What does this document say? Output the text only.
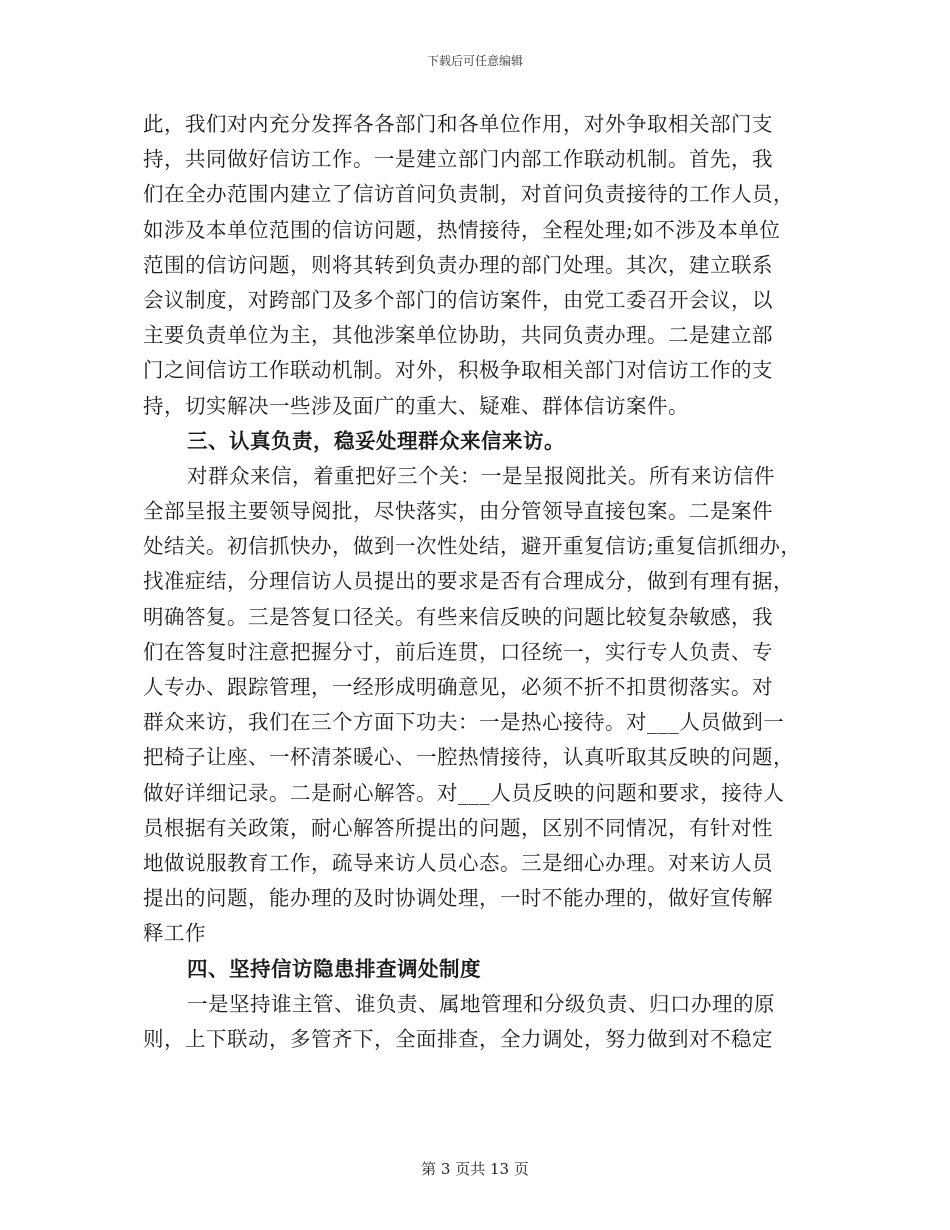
下载后可任意编辑
此，我们对内充分发挥各各部门和各单位作用，对外争取相关部门支
持，共同做好信访工作。一是建立部门内部工作联动机制。首先，我
们在全办范围内建立了信访首问负责制，对首问负责接待的工作人员，
如涉及本单位范围的信访问题，热情接待，全程处理;如不涉及本单位
范围的信访问题，则将其转到负责办理的部门处理。其次，建立联系
会议制度，对跨部门及多个部门的信访案件，由党工委召开会议，以
主要负责单位为主，其他涉案单位协助，共同负责办理。二是建立部
门之间信访工作联动机制。对外，积极争取相关部门对信访工作的支
持，切实解决一些涉及面广的重大、疑难、群体信访案件。
三、认真负责，稳妥处理群众来信来访。
对群众来信，着重把好三个关：一是呈报阅批关。所有来访信件
全部呈报主要领导阅批，尽快落实，由分管领导直接包案。二是案件
处结关。初信抓快办，做到一次性处结，避开重复信访;重复信抓细办，
找准症结，分理信访人员提出的要求是否有合理成分，做到有理有据，
明确答复。三是答复口径关。有些来信反映的问题比较复杂敏感，我
们在答复时注意把握分寸，前后连贯，口径统一，实行专人负责、专
人专办、跟踪管理，一经形成明确意见，必须不折不扣贯彻落实。对
群众来访，我们在三个方面下功夫：一是热心接待。对___人员做到一
把椅子让座、一杯清茶暖心、一腔热情接待，认真听取其反映的问题，
做好详细记录。二是耐心解答。对___人员反映的问题和要求，接待人
员根据有关政策，耐心解答所提出的问题，区别不同情况，有针对性
地做说服教育工作，疏导来访人员心态。三是细心办理。对来访人员
提出的问题，能办理的及时协调处理，一时不能办理的，做好宣传解
释工作
四、坚持信访隐患排查调处制度
一是坚持谁主管、谁负责、属地管理和分级负责、归口办理的原
则，上下联动，多管齐下，全面排查，全力调处，努力做到对不稳定
第 3 页共 13 页
